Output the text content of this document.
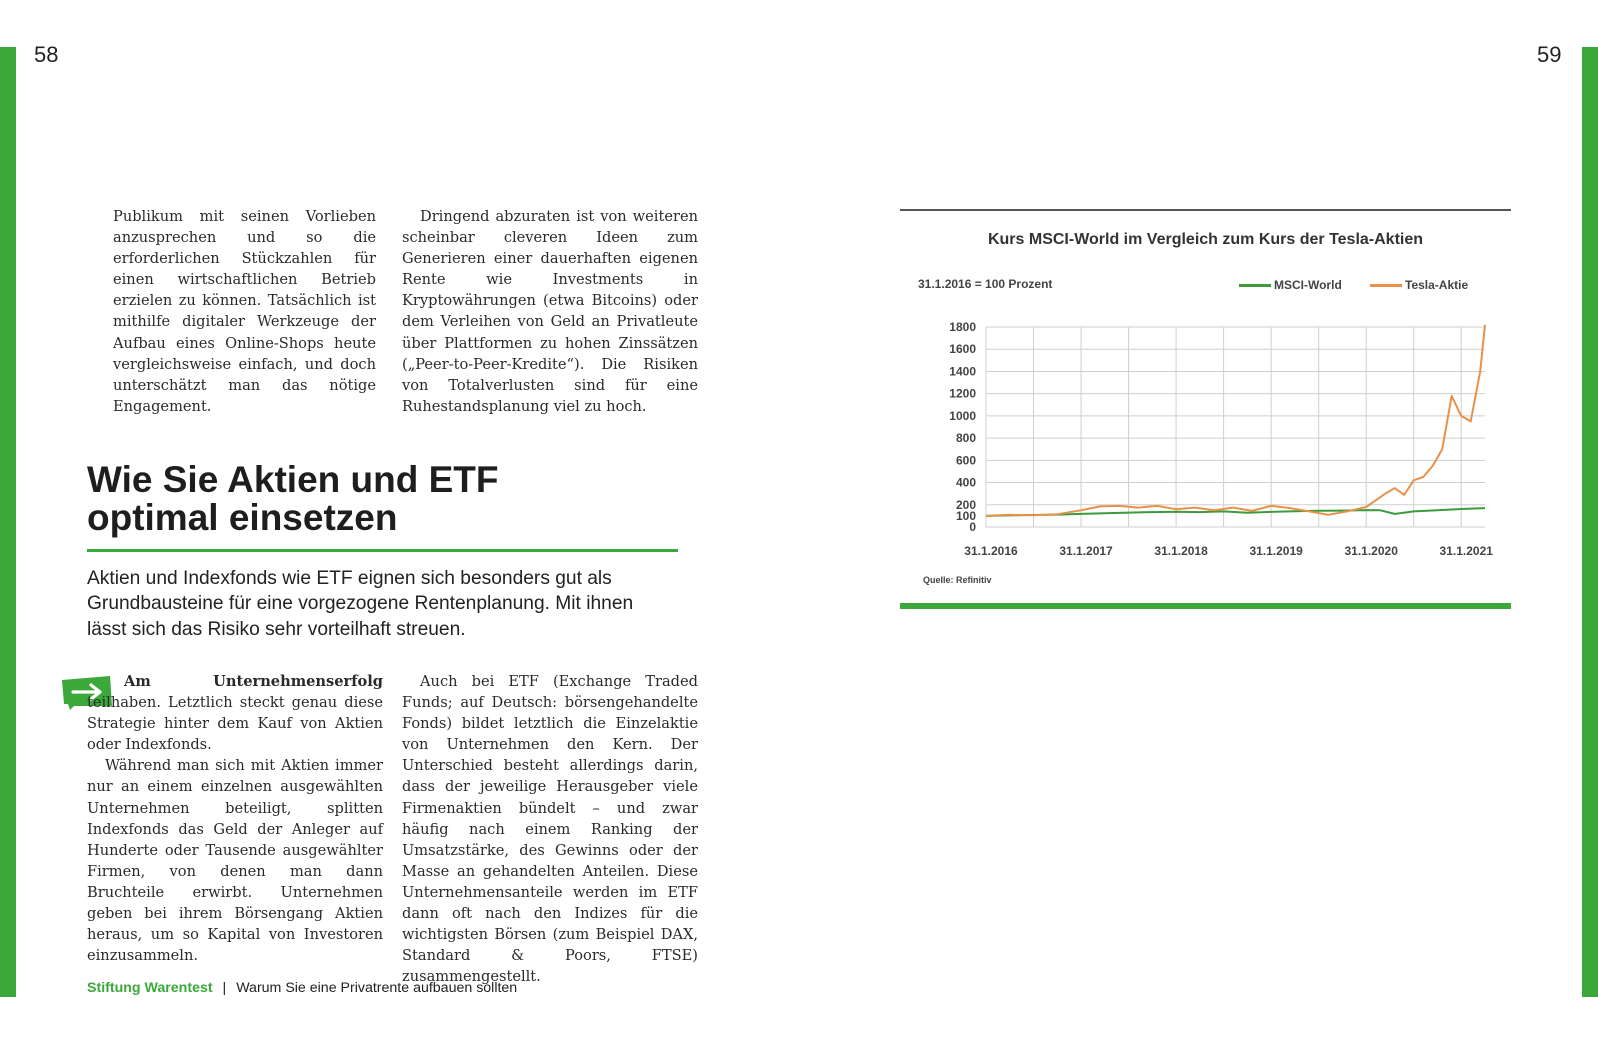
58	59

Publikum mit seinen Vorlieben anzusprechen und so die erforderlichen Stückzahlen für einen wirtschaftlichen Betrieb erzielen zu können. Tatsächlich ist mithilfe digitaler Werkzeuge der Aufbau eines Online-Shops heute vergleichsweise einfach, und doch unterschätzt man das nötige Engagement.

Dringend abzuraten ist von weiteren scheinbar cleveren Ideen zum Generieren einer dauerhaften eigenen Rente wie Investments in Kryptowährungen (etwa Bitcoins) oder dem Verleihen von Geld an Privatleute über Plattformen zu hohen Zinssätzen („Peer-to-Peer-Kredite“). Die Risiken von Totalverlusten sind für eine Ruhestandsplanung viel zu hoch.

Wie Sie Aktien und ETF
optimal einsetzen
Aktien und Indexfonds wie ETF eignen sich besonders gut als Grundbausteine für eine vorgezogene Rentenplanung. Mit ihnen lässt sich das Risiko sehr vorteilhaft streuen.

Am Unternehmenserfolg teilhaben. Letztlich steckt genau diese Strategie hinter dem Kauf von Aktien oder Indexfonds.

Während man sich mit Aktien immer nur an einem einzelnen ausgewählten Unternehmen beteiligt, splitten Indexfonds das Geld der Anleger auf Hunderte oder Tausende ausgewählter Firmen, von denen man dann Bruchteile erwirbt. Unternehmen geben bei ihrem Börsengang Aktien heraus, um so Kapital von Investoren einzusammeln.

Auch bei ETF (Exchange Traded Funds; auf Deutsch: börsengehandelte Fonds) bildet letztlich die Einzelaktie von Unternehmen den Kern. Der Unterschied besteht allerdings darin, dass der jeweilige Herausgeber viele Firmenaktien bündelt – und zwar häufig nach einem Ranking der Umsatzstärke, des Gewinns oder der Masse an gehandelten Anteilen. Diese Unternehmensanteile werden im ETF dann oft nach den Indizes für die wichtigsten Börsen (zum Beispiel DAX, Standard & Poors, FTSE) zusammengestellt.

Stiftung Warentest | Warum Sie eine Privatrente aufbauen sollten
Kurs MSCI-World im Vergleich zum Kurs der Tesla-Aktien
31.1.2016 = 100 Prozent	MSCI-World	Tesla-Aktie
0
100
200
400
600
800
1000
1200
1400
1600
1800
31.1.2016	31.1.2017	31.1.2018	31.1.2019	31.1.2020	31.1.2021
Quelle: Refinitiv
